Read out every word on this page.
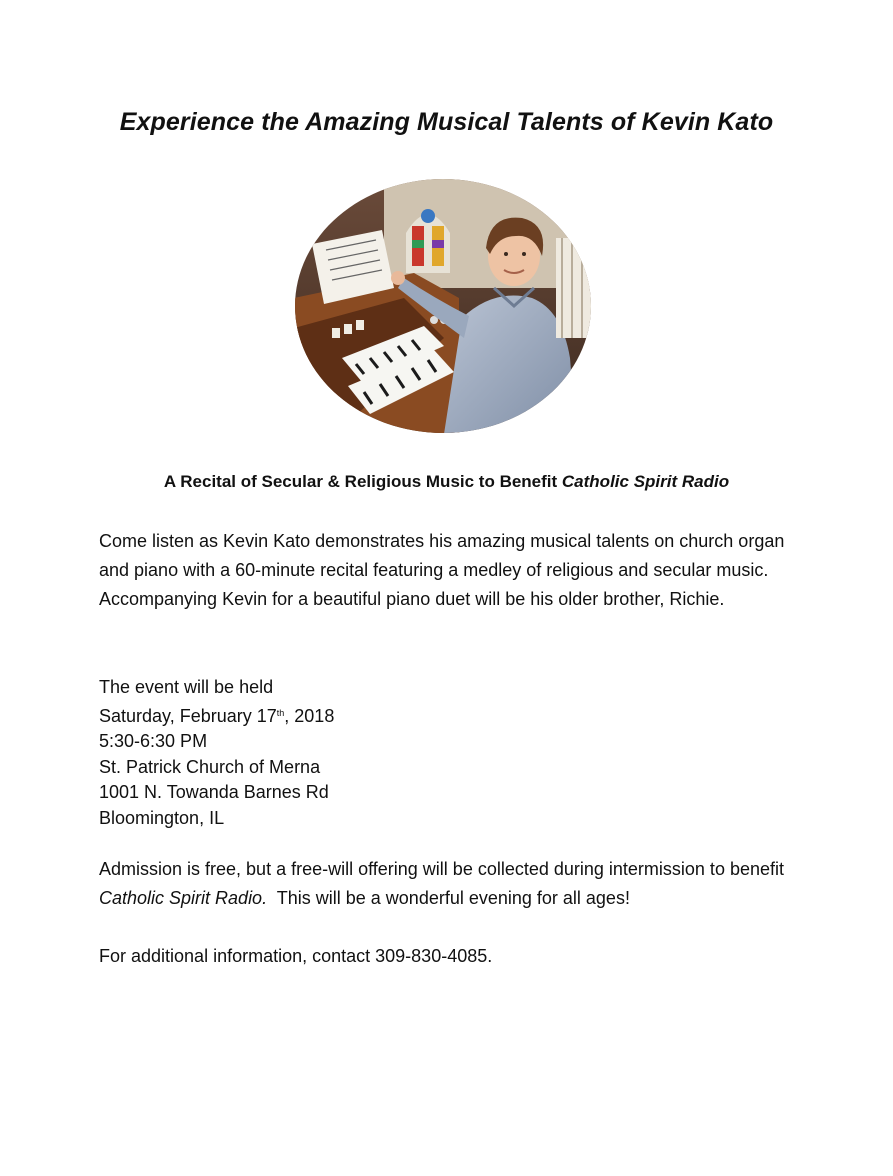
Experience the Amazing Musical Talents of Kevin Kato
A Recital of Secular & Religious Music to Benefit Catholic Spirit Radio
Come listen as Kevin Kato demonstrates his amazing musical talents on church organ and piano with a 60-minute recital featuring a medley of religious and secular music. Accompanying Kevin for a beautiful piano duet will be his older brother, Richie.
The event will be held
Saturday, February 17th, 2018
5:30-6:30 PM
St. Patrick Church of Merna
1001 N. Towanda Barnes Rd
Bloomington, IL
Admission is free, but a free-will offering will be collected during intermission to benefit Catholic Spirit Radio.  This will be a wonderful evening for all ages!
For additional information, contact 309-830-4085.
